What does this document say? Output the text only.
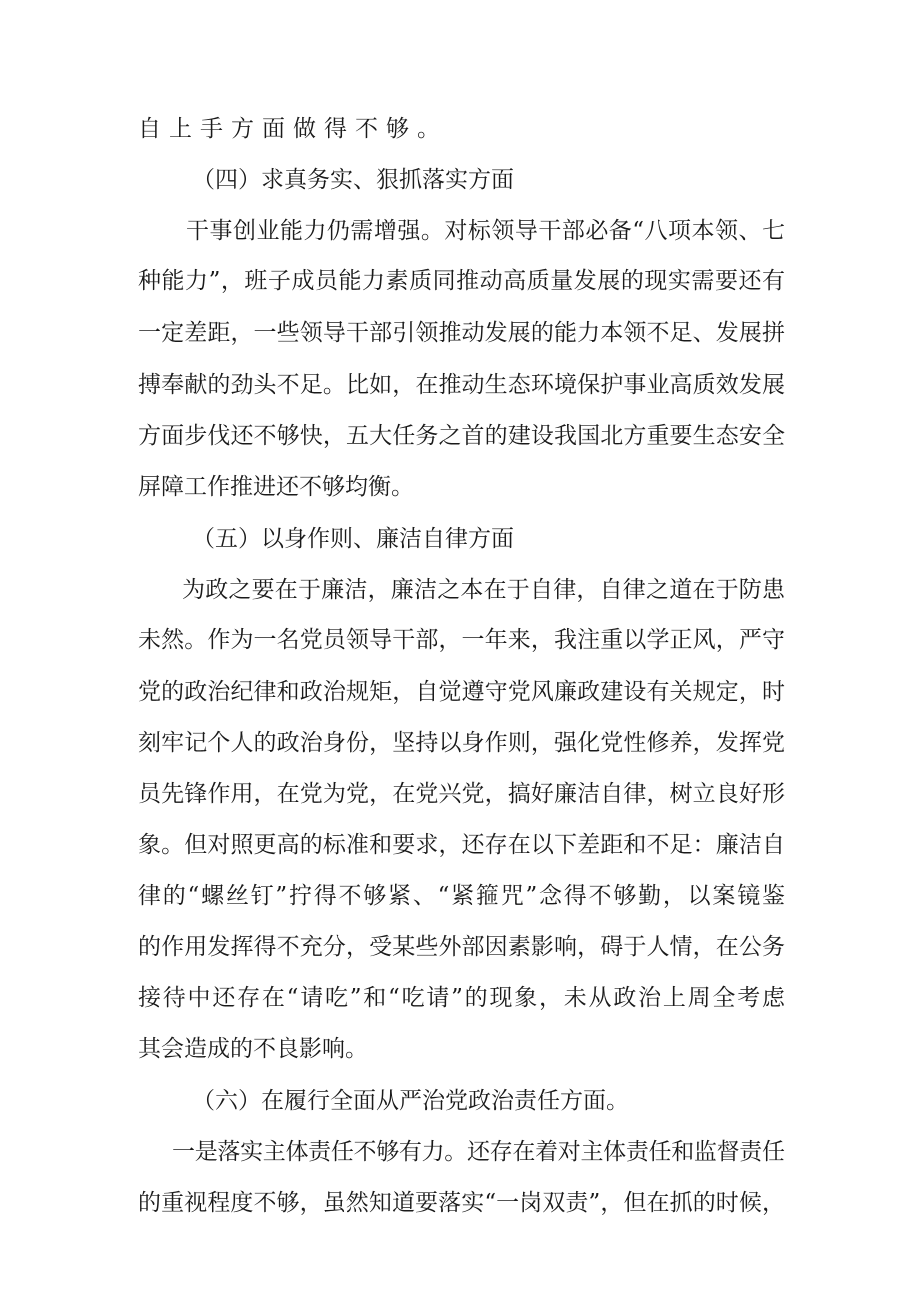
自上手方面做得不够。

（四）求真务实、狠抓落实方面

干事创业能力仍需增强。对标领导干部必备“八项本领、七

种能力”，班子成员能力素质同推动高质量发展的现实需要还有

一定差距，一些领导干部引领推动发展的能力本领不足、发展拼

搏奉献的劲头不足。比如，在推动生态环境保护事业高质效发展

方面步伐还不够快，五大任务之首的建设我国北方重要生态安全

屏障工作推进还不够均衡。

（五）以身作则、廉洁自律方面

为政之要在于廉洁，廉洁之本在于自律，自律之道在于防患

未然。作为一名党员领导干部，一年来，我注重以学正风，严守

党的政治纪律和政治规矩，自觉遵守党风廉政建设有关规定，时

刻牢记个人的政治身份，坚持以身作则，强化党性修养，发挥党

员先锋作用，在党为党，在党兴党，搞好廉洁自律，树立良好形

象。但对照更高的标准和要求，还存在以下差距和不足：廉洁自

律的“螺丝钉”拧得不够紧、“紧箍咒”念得不够勤，以案镜鉴

的作用发挥得不充分，受某些外部因素影响，碍于人情，在公务

接待中还存在“请吃”和“吃请”的现象，未从政治上周全考虑

其会造成的不良影响。

（六）在履行全面从严治党政治责任方面。

一是落实主体责任不够有力。还存在着对主体责任和监督责任

的重视程度不够，虽然知道要落实“一岗双责”，但在抓的时候，
